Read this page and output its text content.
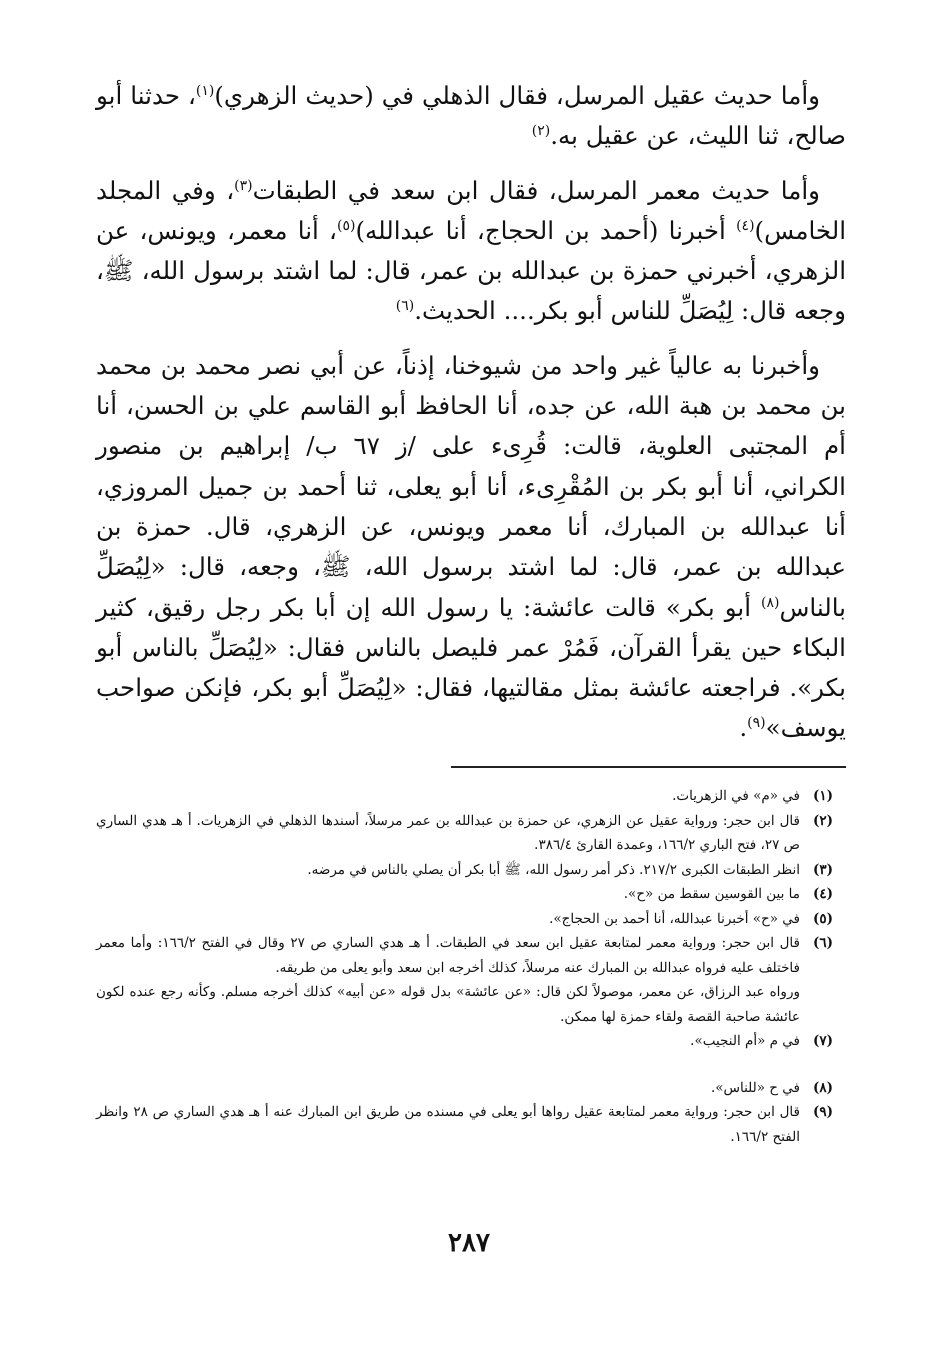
وأما حديث عقيل المرسل، فقال الذهلي في (حديث الزهري)$^{(١)}$، حدثنا أبو صالح، ثنا الليث، عن عقيل به.$^{(٢)}$

وأما حديث معمر المرسل، فقال ابن سعد في الطبقات$^{(٣)}$، وفي المجلد الخامس)$^{(٤)}$ أخبرنا (أحمد بن الحجاج، أنا عبدالله)$^{(٥)}$، أنا معمر، ويونس، عن الزهري، أخبرني حمزة بن عبدالله بن عمر، قال: لما اشتد برسول الله، ﷺ، وجعه قال: لِيُصَلِّ للناس أبو بكر.... الحديث.$^{(٦)}$

وأخبرنا به عالياً غير واحد من شيوخنا، إذناً، عن أبي نصر محمد بن محمد بن محمد بن هبة الله، عن جده، أنا الحافظ أبو القاسم علي بن الحسن، أنا أم المجتبى العلوية، قالت: قُرِىء على /ز ٦٧ ب/ إبراهيم بن منصور الكراني، أنا أبو بكر بن المُقْرِىء، أنا أبو يعلى، ثنا أحمد بن جميل المروزي، أنا عبدالله بن المبارك، أنا معمر ويونس، عن الزهري، قال. حمزة بن عبدالله بن عمر، قال: لما اشتد برسول الله، ﷺ، وجعه، قال: «لِيُصَلِّ بالناس$^{(٨)}$ أبو بكر» قالت عائشة: يا رسول الله إن أبا بكر رجل رقيق، كثير البكاء حين يقرأ القرآن، فَمُرْ عمر فليصل بالناس فقال: «لِيُصَلِّ بالناس أبو بكر». فراجعته عائشة بمثل مقالتيها، فقال: «لِيُصَلِّ أبو بكر، فإنكن صواحب يوسف»$^{(٩)}$.

(١)
في «م» في الزهريات.
(٢)
قال ابن حجر: ورواية عقيل عن الزهري، عن حمزة بن عبدالله بن عمر مرسلاً، أسندها الذهلي في الزهريات. أ هـ هدي الساري ص ٢٧، فتح الباري ١٦٦/٢، وعمدة القارئ ٣٨٦/٤.
(٣)
انظر الطبقات الكبرى ٢١٧/٢. ذكر أمر رسول الله، ﷺ أبا بكر أن يصلي بالناس في مرضه.
(٤)
ما بين القوسين سقط من «ح».
(٥)
في «ح» أخبرنا عبدالله، أنا أحمد بن الحجاج».
(٦)
قال ابن حجر: ورواية معمر لمتابعة عقيل ابن سعد في الطبقات. أ هـ هدي الساري ص ٢٧ وقال في الفتح ١٦٦/٢: وأما معمر فاختلف عليه فرواه عبدالله بن المبارك عنه مرسلاً، كذلك أخرجه ابن سعد وأبو يعلى من طريقه.
ورواه عبد الرزاق، عن معمر، موصولاً لكن قال: «عن عائشة» بدل قوله «عن أبيه» كذلك أخرجه مسلم. وكأنه رجع عنده لكون عائشة صاحبة القصة ولقاء حمزة لها ممكن.
(٧)
في م «أم النجيب».
(٨)
في ح «للناس».
(٩)
قال ابن حجر: ورواية معمر لمتابعة عقيل رواها أبو يعلى في مسنده من طريق ابن المبارك عنه أ هـ هدي الساري ص ٢٨ وانظر الفتح ١٦٦/٢.
٢٨٧
